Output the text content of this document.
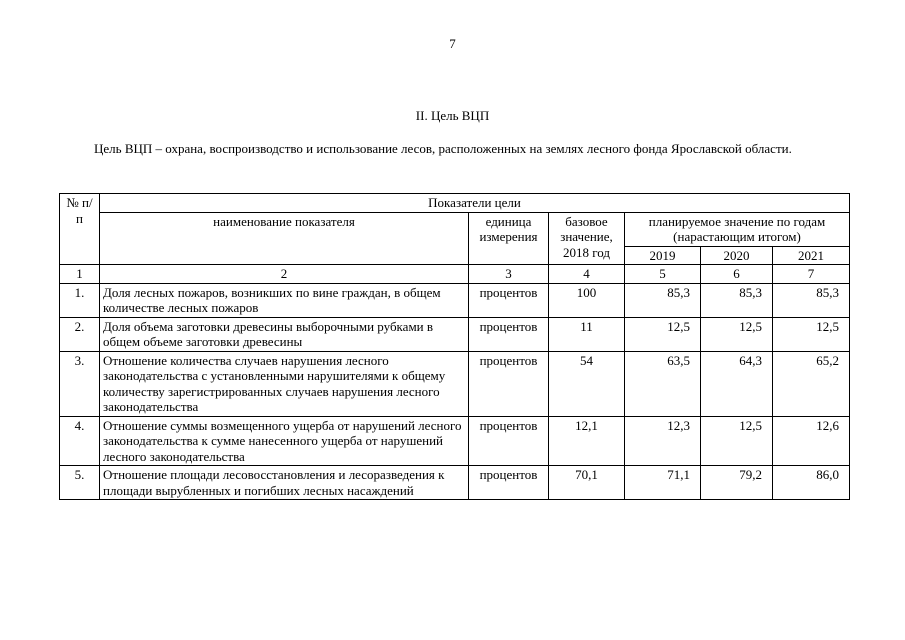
7
II. Цель ВЦП
Цель ВЦП – охрана, воспроизводство и использование лесов, расположенных на землях лесного фонда Ярославской области.
№ п/п	Показатели цели					
	наименование показателя	единица измерения	базовое значение, 2018 год	планируемое значение по годам (нарастающим итогом)		

				2019	2020	2021
1	2	3	4	5	6	7
1.	Доля лесных пожаров, возникших по вине граждан, в общем количестве лесных пожаров	процентов	100	85,3	85,3	85,3
2.	Доля объема заготовки древесины выборочными рубками в общем объеме заготовки древесины	процентов	11	12,5	12,5	12,5
3.	Отношение количества случаев нарушения лесного законодательства с установленными нарушителями к общему количеству зарегистрированных случаев нарушения лесного законодательства	процентов	54	63,5	64,3	65,2
4.	Отношение суммы возмещенного ущерба от нарушений лесного законодательства к сумме нанесенного ущерба от нарушений лесного законодательства	процентов	12,1	12,3	12,5	12,6
5.	Отношение площади лесовосстановления и лесоразведения к площади вырубленных и погибших лесных насаждений	процентов	70,1	71,1	79,2	86,0
